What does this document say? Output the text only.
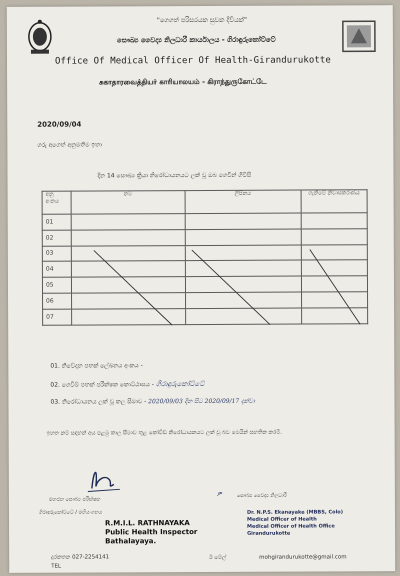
"ගෙගත් පරිසරයක සුවක දිවියක්"
සෞඛ්‍ය වෛද්‍ය නිලධාරී කාර්යාලය - ගිරාඳුරුකෝට්ටේ
Office Of Medical Officer Of Health-Girandurukotte
சுகாதாரவைத்தியர் காரியாலயம் - கிராந்துருகோட்டே
2020/09/04
ගරු අගෙත් අනුමතිම ඉතා
දින 14 සෞඛ්‍ය ක්‍රියා නිරෝධායනයට ලක් වූ ඔබ ගෙවීන් ගිවිසි
අනු අංකය	නම	ලිපිනය	ගැනීමේ නිවාසකරණය
01			
02			
03			
04			
05			
06			
07			
01. නිවේදන පතක් ලේඛනය අංකය -
02. ගෙවීම් පතක් පරීක්ෂක කොට්ඨාසය - ගිරාඳුරුකෝට්ටේ
03. නිරෝධායනය ලක් වූ කල සීමාව - 2020/09/03 දින සිට 2020/09/17 දක්වා
ඉහත නම් සඳහන් අය පළමු කාල සීමාව තුළ කෝවිඩ් නිරෝධායනයට ලක් වූ බව මෙයින් සහතික කරමි.
මහජන සෞඛ්‍ය පරීක්ෂක
ගිරාඳුරුකෝට්ටේ / මහියංගනය
R.M.I.L. RATHNAYAKA
Public Health Inspector
Bathalayaya.
ዎ	සෞඛ්‍ය වෛද්‍ය නිලධාරී
Dr. N.P.S. Ekanayake (MBBS, Colo)
Medical Officer of Health
Medical Officer of Health Office
Girandurukotte
දුරකතන 027-2254141
TEL
ඊ මේල්	mohgirandurukotte@gmail.com
